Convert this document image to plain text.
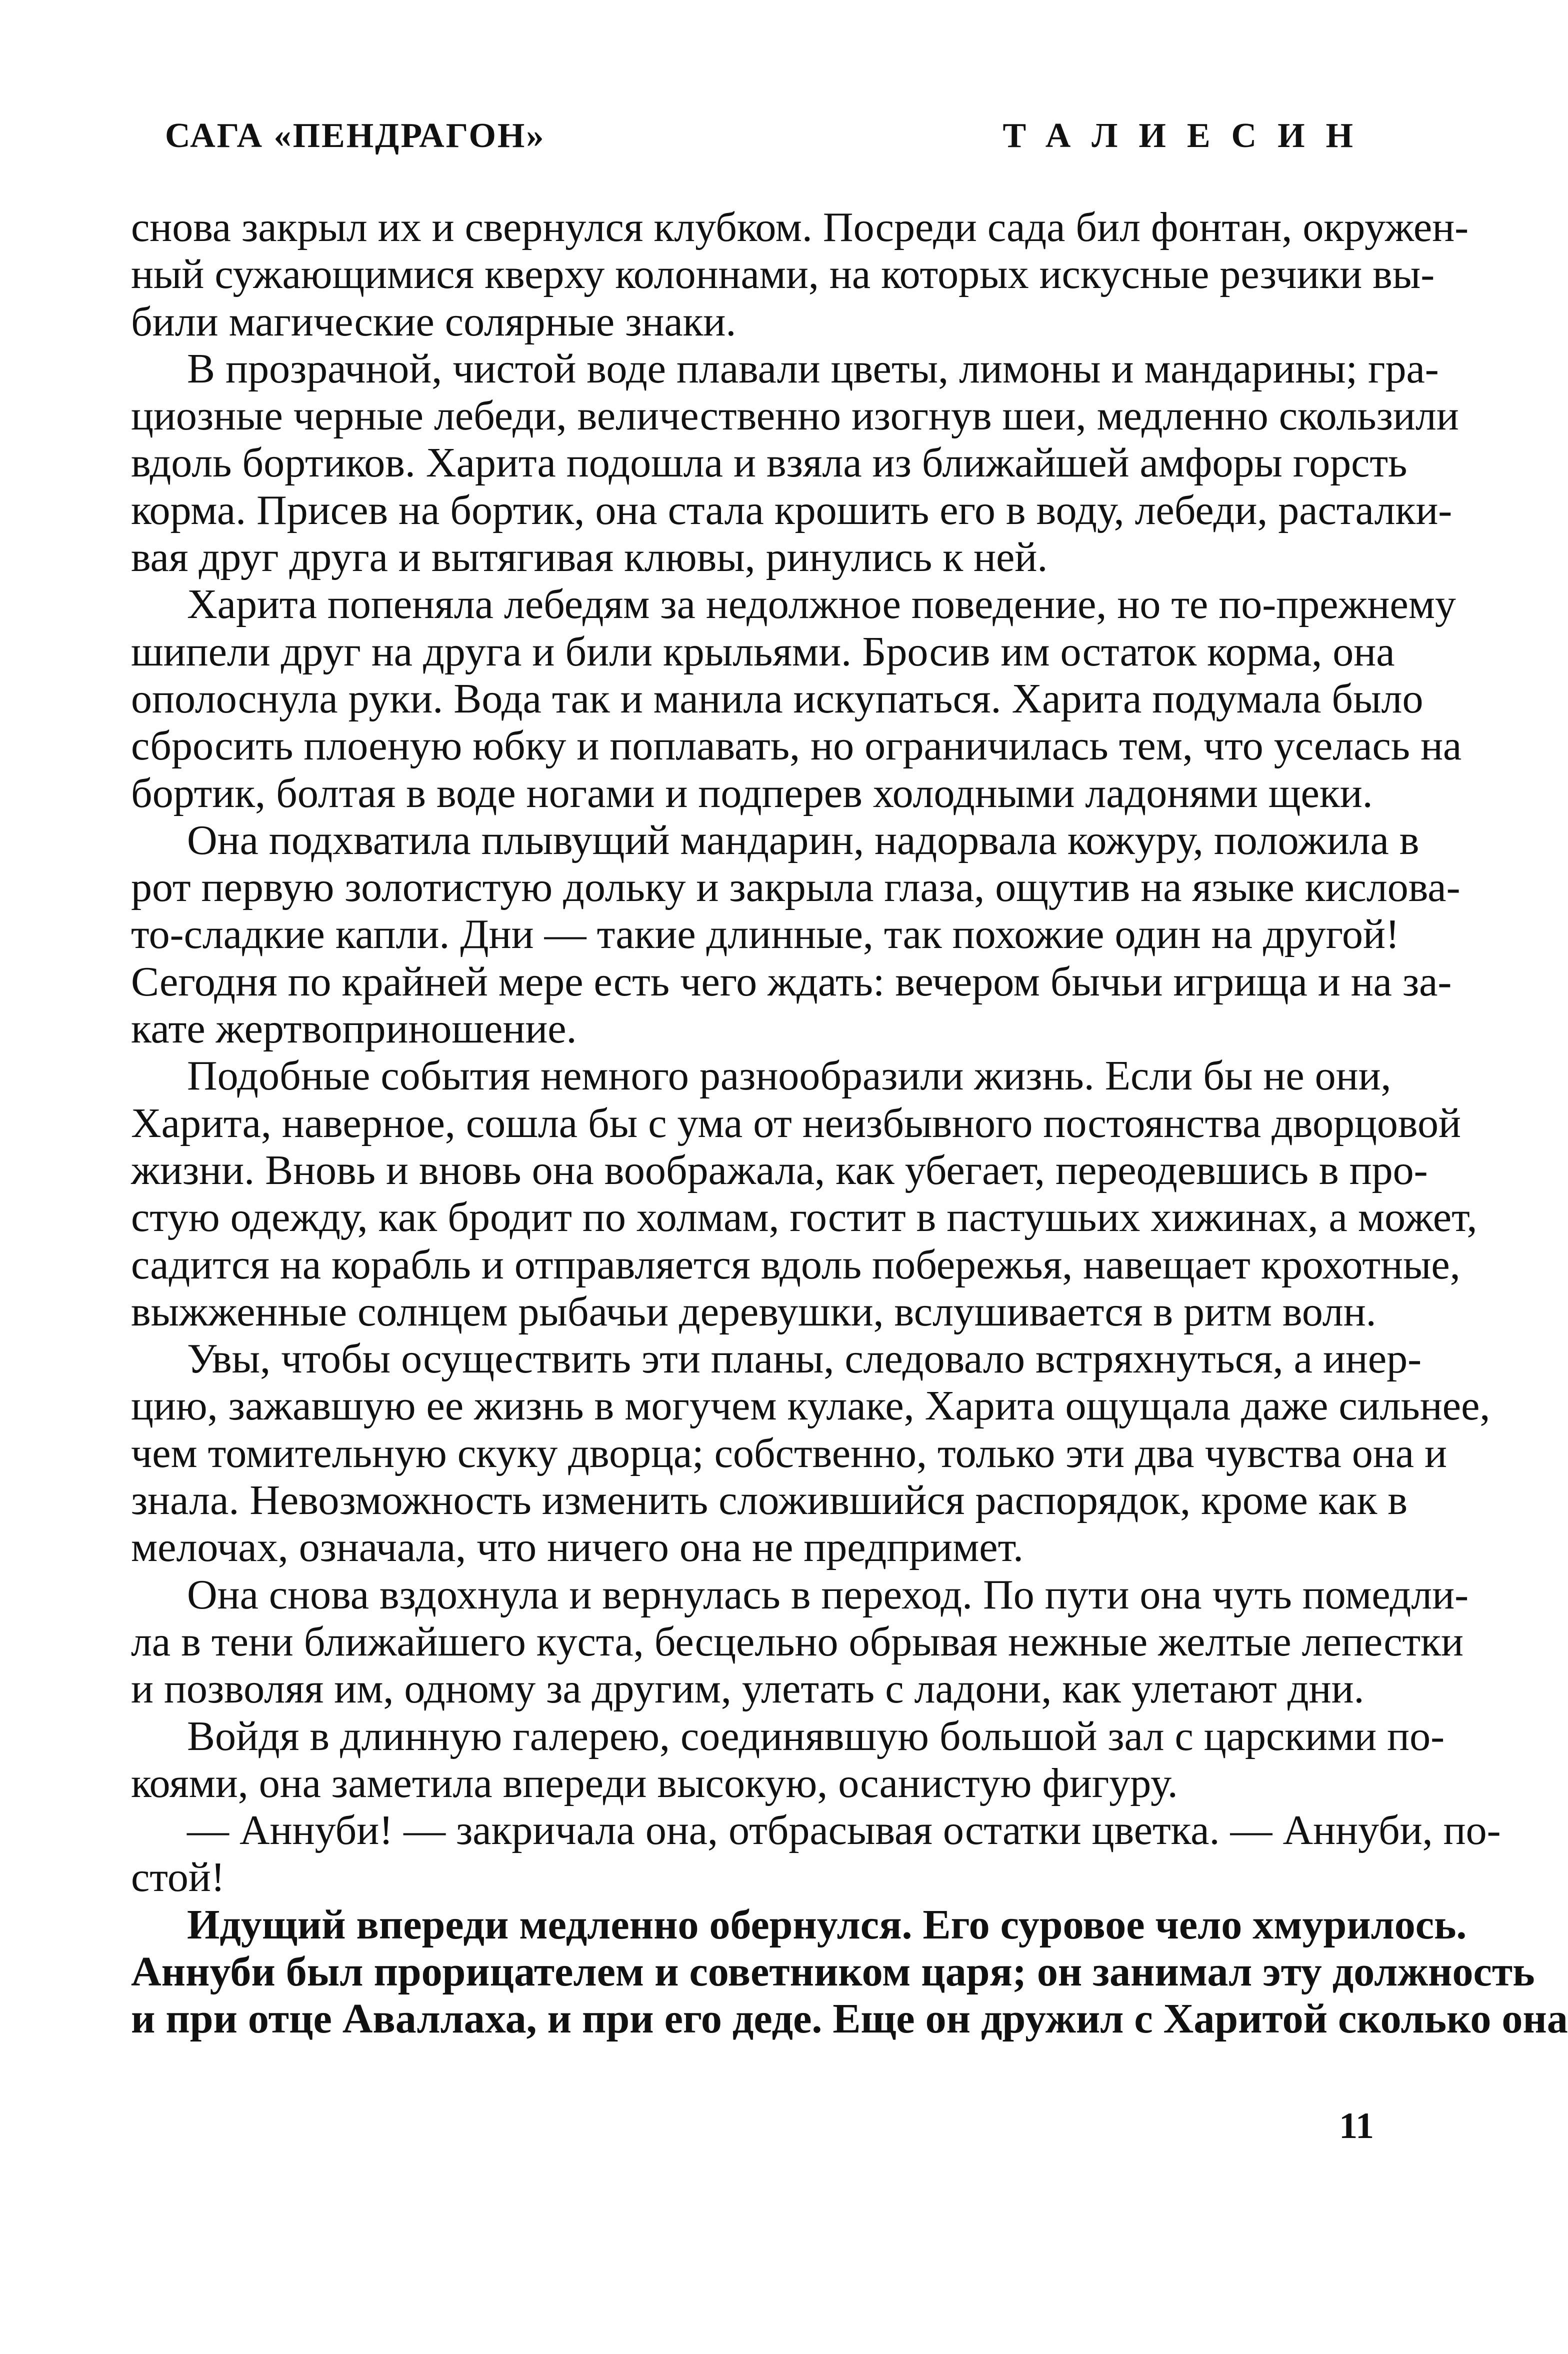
САГА «ПЕНДРАГОН»	ТАЛИЕСИН
снова закрыл их и свернулся клубком. Посреди сада бил фонтан, окружен-
ный сужающимися кверху колоннами, на которых искусные резчики вы-
били магические солярные знаки.
В прозрачной, чистой воде плавали цветы, лимоны и мандарины; гра-
циозные черные лебеди, величественно изогнув шеи, медленно скользили
вдоль бортиков. Харита подошла и взяла из ближайшей амфоры горсть
корма. Присев на бортик, она стала крошить его в воду, лебеди, расталки-
вая друг друга и вытягивая клювы, ринулись к ней.
Харита попеняла лебедям за недолжное поведение, но те по-прежнему
шипели друг на друга и били крыльями. Бросив им остаток корма, она
ополоснула руки. Вода так и манила искупаться. Харита подумала было
сбросить плоеную юбку и поплавать, но ограничилась тем, что уселась на
бортик, болтая в воде ногами и подперев холодными ладонями щеки.
Она подхватила плывущий мандарин, надорвала кожуру, положила в
рот первую золотистую дольку и закрыла глаза, ощутив на языке кислова-
то-сладкие капли. Дни — такие длинные, так похожие один на другой!
Сегодня по крайней мере есть чего ждать: вечером бычьи игрища и на за-
кате жертвоприношение.
Подобные события немного разнообразили жизнь. Если бы не они,
Харита, наверное, сошла бы с ума от неизбывного постоянства дворцовой
жизни. Вновь и вновь она воображала, как убегает, переодевшись в про-
стую одежду, как бродит по холмам, гостит в пастушьих хижинах, а может,
садится на корабль и отправляется вдоль побережья, навещает крохотные,
выжженные солнцем рыбачьи деревушки, вслушивается в ритм волн.
Увы, чтобы осуществить эти планы, следовало встряхнуться, а инер-
цию, зажавшую ее жизнь в могучем кулаке, Харита ощущала даже сильнее,
чем томительную скуку дворца; собственно, только эти два чувства она и
знала. Невозможность изменить сложившийся распорядок, кроме как в
мелочах, означала, что ничего она не предпримет.
Она снова вздохнула и вернулась в переход. По пути она чуть помедли-
ла в тени ближайшего куста, бесцельно обрывая нежные желтые лепестки
и позволяя им, одному за другим, улетать с ладони, как улетают дни.
Войдя в длинную галерею, соединявшую большой зал с царскими по-
коями, она заметила впереди высокую, осанистую фигуру.
— Аннуби! — закричала она, отбрасывая остатки цветка. — Аннуби, по-
стой!
Идущий впереди медленно обернулся. Его суровое чело хмурилось.
Аннуби был прорицателем и советником царя; он занимал эту должность
и при отце Аваллаха, и при его деде. Еще он дружил с Харитой сколько она
11
